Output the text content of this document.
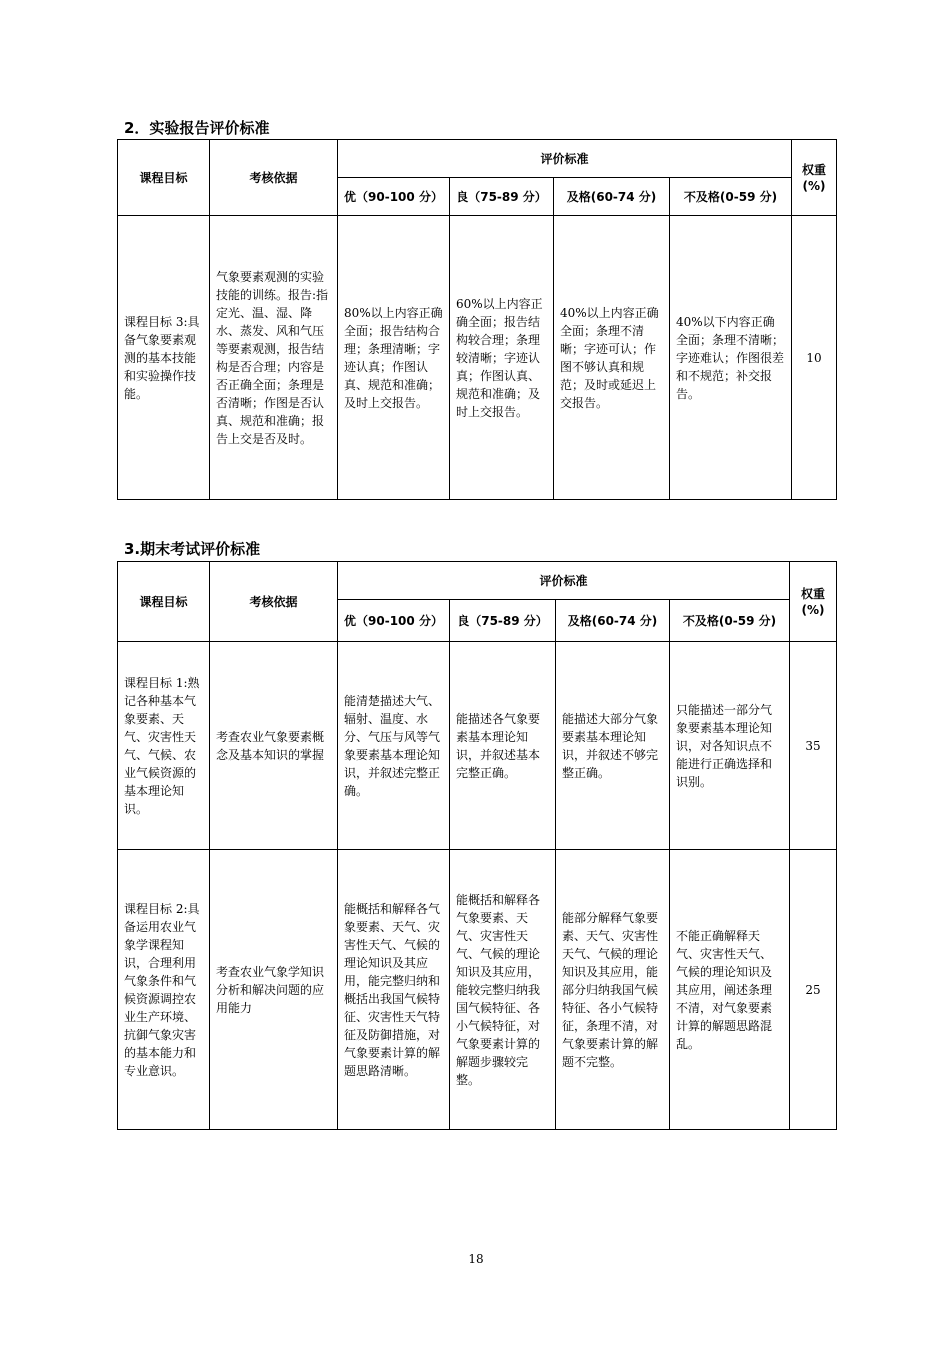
2．实验报告评价标准
课程目标	考核依据	评价标准				权重(%)
		优（90-100 分）	良（75-89 分）	及格(60-74 分)	不及格(0-59 分)	
课程目标 3:具备气象要素观测的基本技能和实验操作技能。	气象要素观测的实验技能的训练。报告:指定光、温、湿、降水、蒸发、风和气压等要素观测，报告结构是否合理；内容是否正确全面；条理是否清晰；作图是否认真、规范和准确；报告上交是否及时。	80%以上内容正确全面；报告结构合理；条理清晰；字迹认真；作图认真、规范和准确；及时上交报告。	60%以上内容正确全面；报告结构较合理；条理较清晰；字迹认真；作图认真、规范和准确；及时上交报告。	40%以上内容正确全面；条理不清晰；字迹可认；作图不够认真和规范；及时或延迟上交报告。	40%以下内容正确全面；条理不清晰；字迹难认；作图很差和不规范；补交报告。	10
3.期末考试评价标准
课程目标	考核依据	评价标准				权重(%)
		优（90-100 分）	良（75-89 分）	及格(60-74 分)	不及格(0-59 分)	
课程目标 1:熟记各种基本气象要素、天气、灾害性天气、气候、农业气候资源的基本理论知识。	考查农业气象要素概念及基本知识的掌握	能清楚描述大气、辐射、温度、水分、气压与风等气象要素基本理论知识，并叙述完整正确。	能描述各气象要素基本理论知识，并叙述基本完整正确。	能描述大部分气象要素基本理论知识，并叙述不够完整正确。	只能描述一部分气象要素基本理论知识，对各知识点不能进行正确选择和识别。	35
课程目标 2:具备运用农业气象学课程知识，合理利用气象条件和气候资源调控农业生产环境、抗御气象灾害的基本能力和专业意识。	考查农业气象学知识分析和解决问题的应用能力	能概括和解释各气象要素、天气、灾害性天气、气候的理论知识及其应用，能完整归纳和概括出我国气候特征、灾害性天气特征及防御措施，对气象要素计算的解题思路清晰。	能概括和解释各气象要素、天气、灾害性天气、气候的理论知识及其应用，能较完整归纳我国气候特征、各小气候特征，对气象要素计算的解题步骤较完整。	能部分解释气象要素、天气、灾害性天气、气候的理论知识及其应用，能部分归纳我国气候特征、各小气候特征，条理不清，对气象要素计算的解题不完整。	不能正确解释天气、灾害性天气、气候的理论知识及其应用，阐述条理不清，对气象要素计算的解题思路混乱。	25
18
